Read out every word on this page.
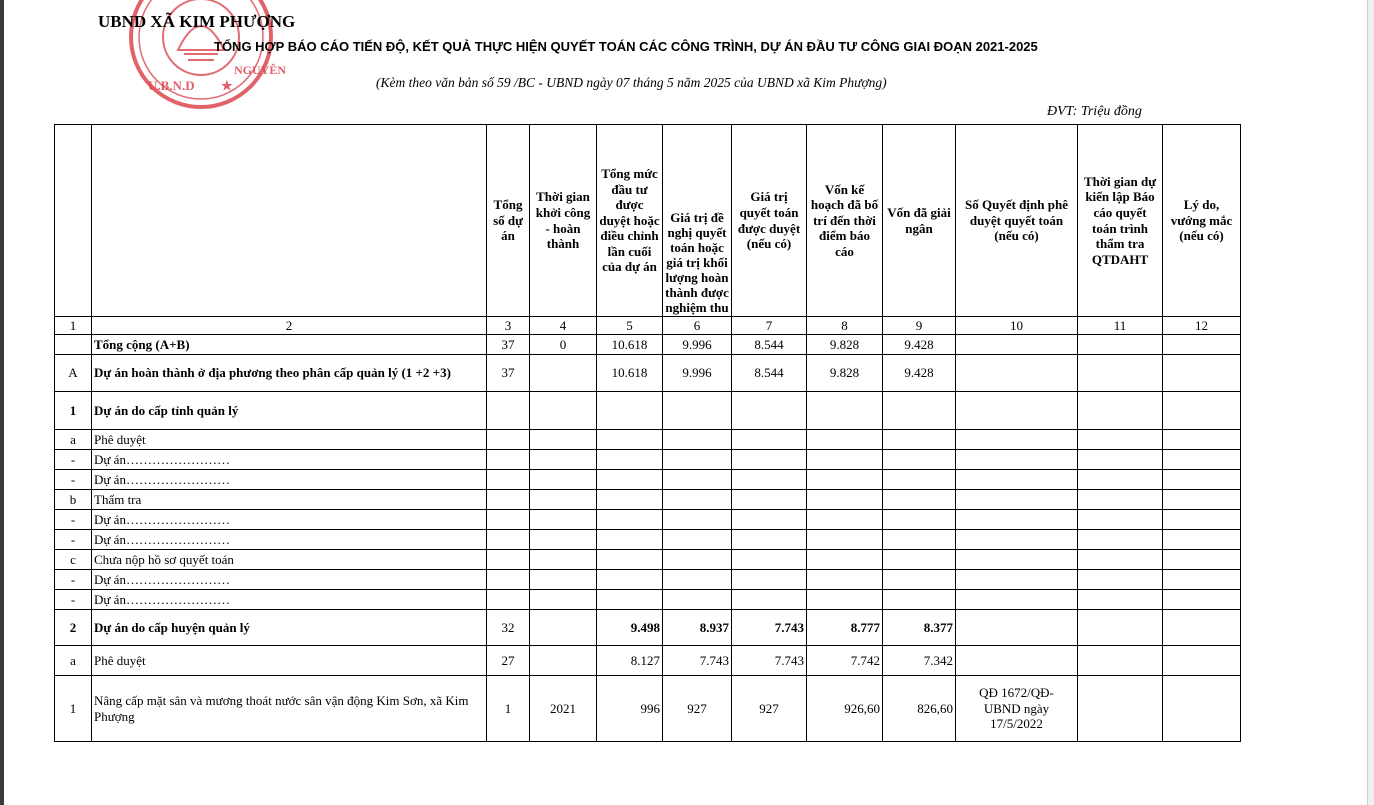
U.B.N.D ★
NGUYÊN
UBND XÃ KIM PHƯỢNG
TỔNG HỢP BÁO CÁO TIẾN ĐỘ, KẾT QUẢ THỰC HIỆN QUYẾT TOÁN CÁC CÔNG TRÌNH, DỰ ÁN ĐẦU TƯ CÔNG GIAI ĐOẠN 2021-2025
(Kèm theo văn bản số 59 /BC - UBND ngày 07 tháng 5 năm 2025 của UBND xã Kim Phượng)
ĐVT: Triệu đồng
		Tổng số dự án	Thời gian khởi công - hoàn thành	Tổng mức đầu tư được duyệt hoặc điều chỉnh lần cuối của dự án	Giá trị đề nghị quyết toán hoặc giá trị khối lượng hoàn thành được nghiệm thu	Giá trị quyết toán được duyệt (nếu có)	Vốn kế hoạch đã bố trí đến thời điểm báo cáo	Vốn đã giải ngân	Số Quyết định phê duyệt quyết toán (nếu có)	Thời gian dự kiến lập Báo cáo quyết toán trình thẩm tra QTDAHT	Lý do, vướng mắc (nếu có)
1	2	3	4	5	6	7	8	9	10	11	12
	Tổng cộng (A+B)	37	0	10.618	9.996	8.544	9.828	9.428			
A	Dự án hoàn thành ở địa phương theo phân cấp quản lý (1 +2 +3)	37		10.618	9.996	8.544	9.828	9.428			
1	Dự án do cấp tỉnh quản lý										
a	Phê duyệt										
-	Dự án……………………										
-	Dự án……………………										
b	Thẩm tra										
-	Dự án……………………										
-	Dự án……………………										
c	Chưa nộp hồ sơ quyết toán										
-	Dự án……………………										
-	Dự án……………………										
2	Dự án do cấp huyện quản lý	32		9.498	8.937	7.743	8.777	8.377			
a	Phê duyệt	27		8.127	7.743	7.743	7.742	7.342			
1	Nâng cấp mặt sân và mương thoát nước sân vận động Kim Sơn, xã Kim Phượng	1	2021	996	927	927	926,60	826,60	QĐ 1672/QĐ-UBND ngày 17/5/2022		
